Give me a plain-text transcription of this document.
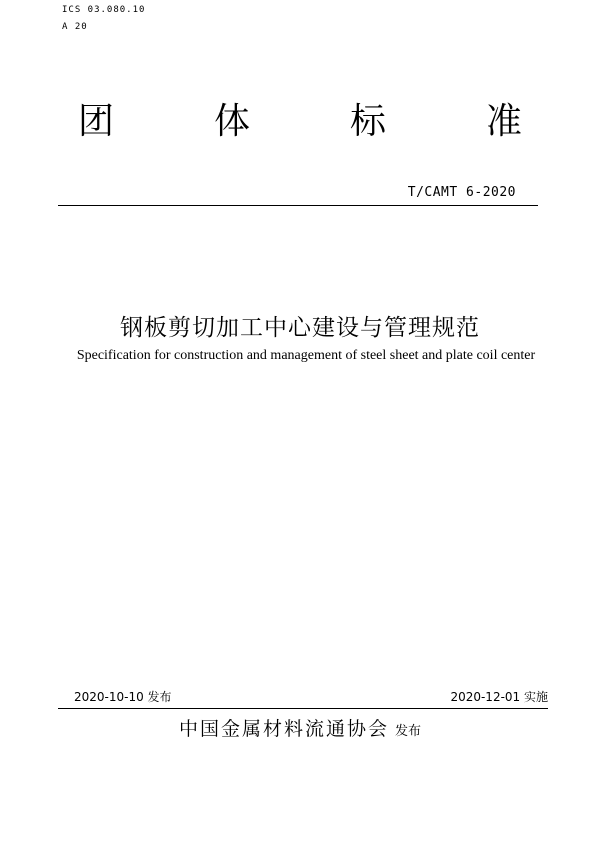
ICS 03.080.10
A 20
团	体	标	准
T/CAMT 6-2020
钢板剪切加工中心建设与管理规范
Specification for construction and management of steel sheet and plate coil center
2020-10-10 发布	2020-12-01 实施
中国金属材料流通协会 发布
